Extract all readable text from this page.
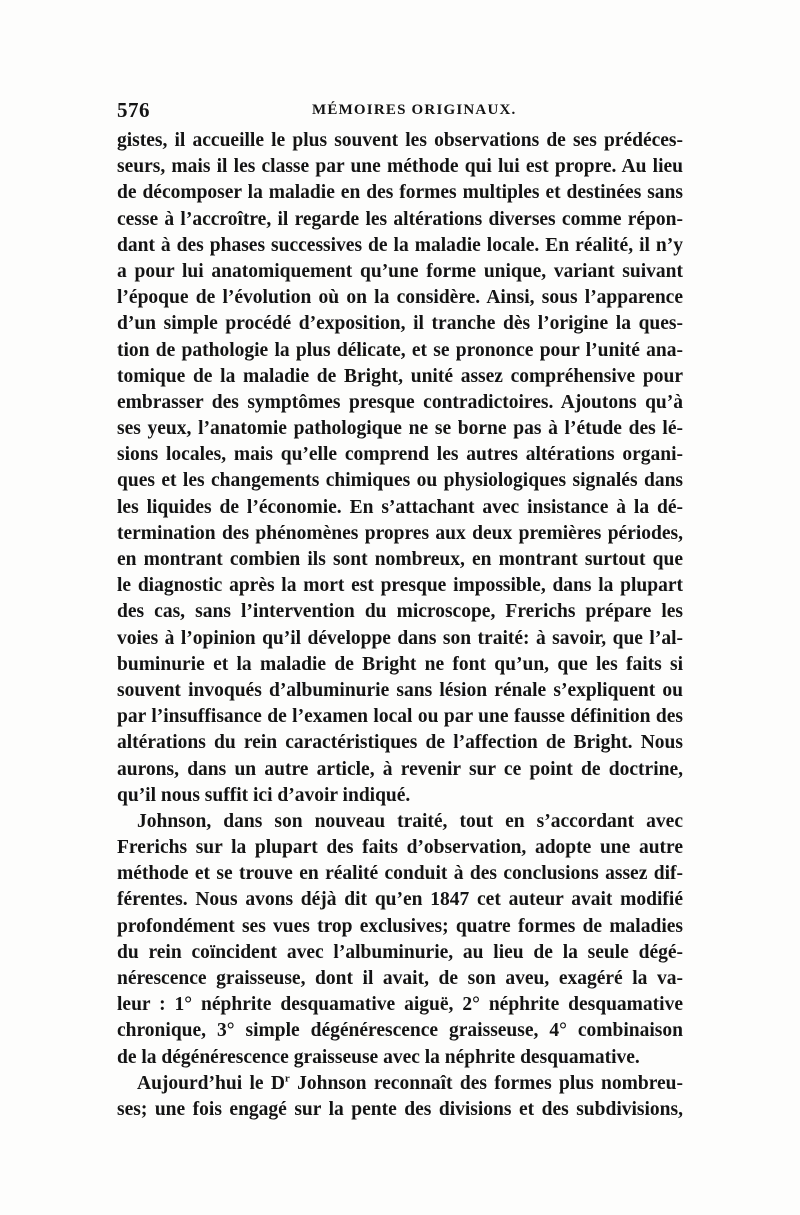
576	MÉMOIRES ORIGINAUX.
gistes, il accueille le plus souvent les observations de ses prédéces-
seurs, mais il les classe par une méthode qui lui est propre. Au lieu
de décomposer la maladie en des formes multiples et destinées sans
cesse à l’accroître, il regarde les altérations diverses comme répon-
dant à des phases successives de la maladie locale. En réalité, il n’y
a pour lui anatomiquement qu’une forme unique, variant suivant
l’époque de l’évolution où on la considère. Ainsi, sous l’apparence
d’un simple procédé d’exposition, il tranche dès l’origine la ques-
tion de pathologie la plus délicate, et se prononce pour l’unité ana-
tomique de la maladie de Bright, unité assez compréhensive pour
embrasser des symptômes presque contradictoires. Ajoutons qu’à
ses yeux, l’anatomie pathologique ne se borne pas à l’étude des lé-
sions locales, mais qu’elle comprend les autres altérations organi-
ques et les changements chimiques ou physiologiques signalés dans
les liquides de l’économie. En s’attachant avec insistance à la dé-
termination des phénomènes propres aux deux premières périodes,
en montrant combien ils sont nombreux, en montrant surtout que
le diagnostic après la mort est presque impossible, dans la plupart
des cas, sans l’intervention du microscope, Frerichs prépare les
voies à l’opinion qu’il développe dans son traité: à savoir, que l’al-
buminurie et la maladie de Bright ne font qu’un, que les faits si
souvent invoqués d’albuminurie sans lésion rénale s’expliquent ou
par l’insuffisance de l’examen local ou par une fausse définition des
altérations du rein caractéristiques de l’affection de Bright. Nous
aurons, dans un autre article, à revenir sur ce point de doctrine,
qu’il nous suffit ici d’avoir indiqué.
Johnson, dans son nouveau traité, tout en s’accordant avec
Frerichs sur la plupart des faits d’observation, adopte une autre
méthode et se trouve en réalité conduit à des conclusions assez dif-
férentes. Nous avons déjà dit qu’en 1847 cet auteur avait modifié
profondément ses vues trop exclusives; quatre formes de maladies
du rein coïncident avec l’albuminurie, au lieu de la seule dégé-
nérescence graisseuse, dont il avait, de son aveu, exagéré la va-
leur : 1° néphrite desquamative aiguë, 2° néphrite desquamative
chronique, 3° simple dégénérescence graisseuse, 4° combinaison
de la dégénérescence graisseuse avec la néphrite desquamative.
Aujourd’hui le $D^r$ Johnson reconnaît des formes plus nombreu-
ses; une fois engagé sur la pente des divisions et des subdivisions,
